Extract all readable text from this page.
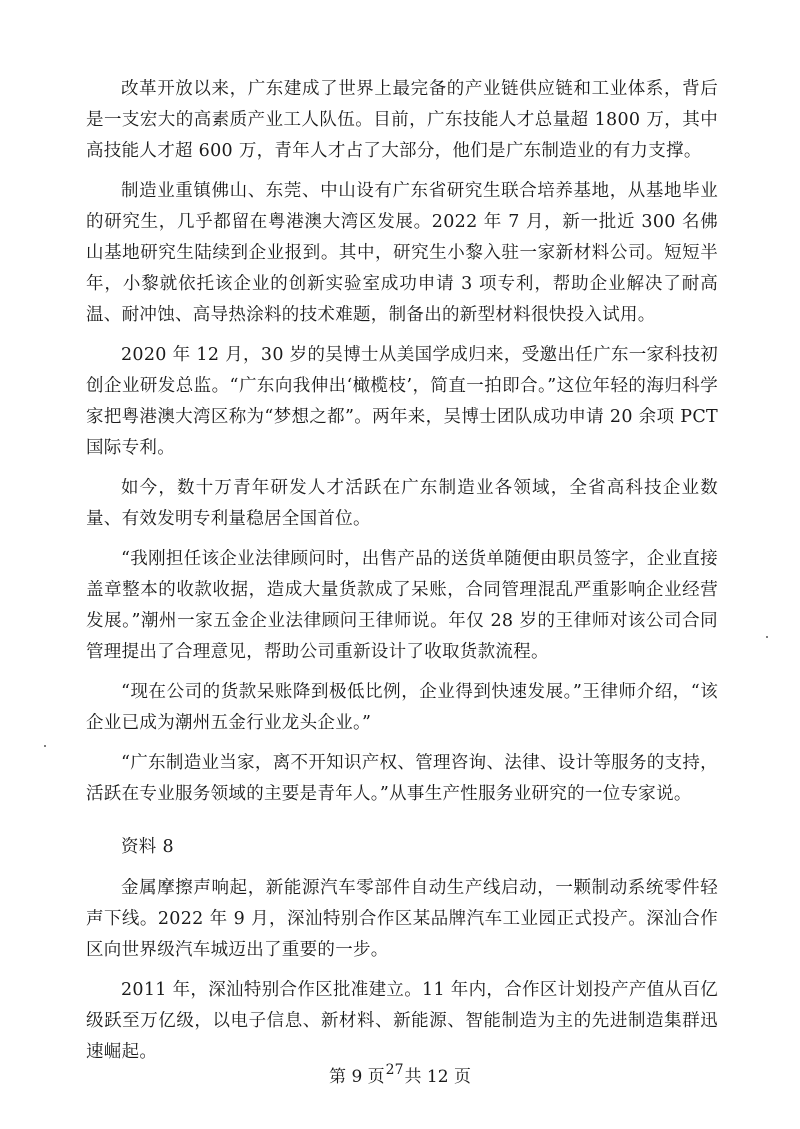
改革开放以来，广东建成了世界上最完备的产业链供应链和工业体系，背后是一支宏大的高素质产业工人队伍。目前，广东技能人才总量超 1800 万，其中高技能人才超 600 万，青年人才占了大部分，他们是广东制造业的有力支撑。

制造业重镇佛山、东莞、中山设有广东省研究生联合培养基地，从基地毕业的研究生，几乎都留在粤港澳大湾区发展。2022 年 7 月，新一批近 300 名佛山基地研究生陆续到企业报到。其中，研究生小黎入驻一家新材料公司。短短半年，小黎就依托该企业的创新实验室成功申请 3 项专利，帮助企业解决了耐高温、耐冲蚀、高导热涂料的技术难题，制备出的新型材料很快投入试用。

2020 年 12 月，30 岁的吴博士从美国学成归来，受邀出任广东一家科技初创企业研发总监。“广东向我伸出‘橄榄枝’，简直一拍即合。”这位年轻的海归科学家把粤港澳大湾区称为“梦想之都”。两年来，吴博士团队成功申请 20 余项 PCT 国际专利。

如今，数十万青年研发人才活跃在广东制造业各领域，全省高科技企业数量、有效发明专利量稳居全国首位。

“我刚担任该企业法律顾问时，出售产品的送货单随便由职员签字，企业直接盖章整本的收款收据，造成大量货款成了呆账，合同管理混乱严重影响企业经营发展。”潮州一家五金企业法律顾问王律师说。年仅 28 岁的王律师对该公司合同管理提出了合理意见，帮助公司重新设计了收取货款流程。

“现在公司的货款呆账降到极低比例，企业得到快速发展。”王律师介绍，“该企业已成为潮州五金行业龙头企业。”

“广东制造业当家，离不开知识产权、管理咨询、法律、设计等服务的支持，活跃在专业服务领域的主要是青年人。”从事生产性服务业研究的一位专家说。

资料 8

金属摩擦声响起，新能源汽车零部件自动生产线启动，一颗制动系统零件轻声下线。2022 年 9 月，深汕特别合作区某品牌汽车工业园正式投产。深汕合作区向世界级汽车城迈出了重要的一步。

2011 年，深汕特别合作区批准建立。11 年内，合作区计划投产产值从百亿级跃至万亿级，以电子信息、新材料、新能源、智能制造为主的先进制造集群迅速崛起。

第 9 页$^{27}$共 12 页
